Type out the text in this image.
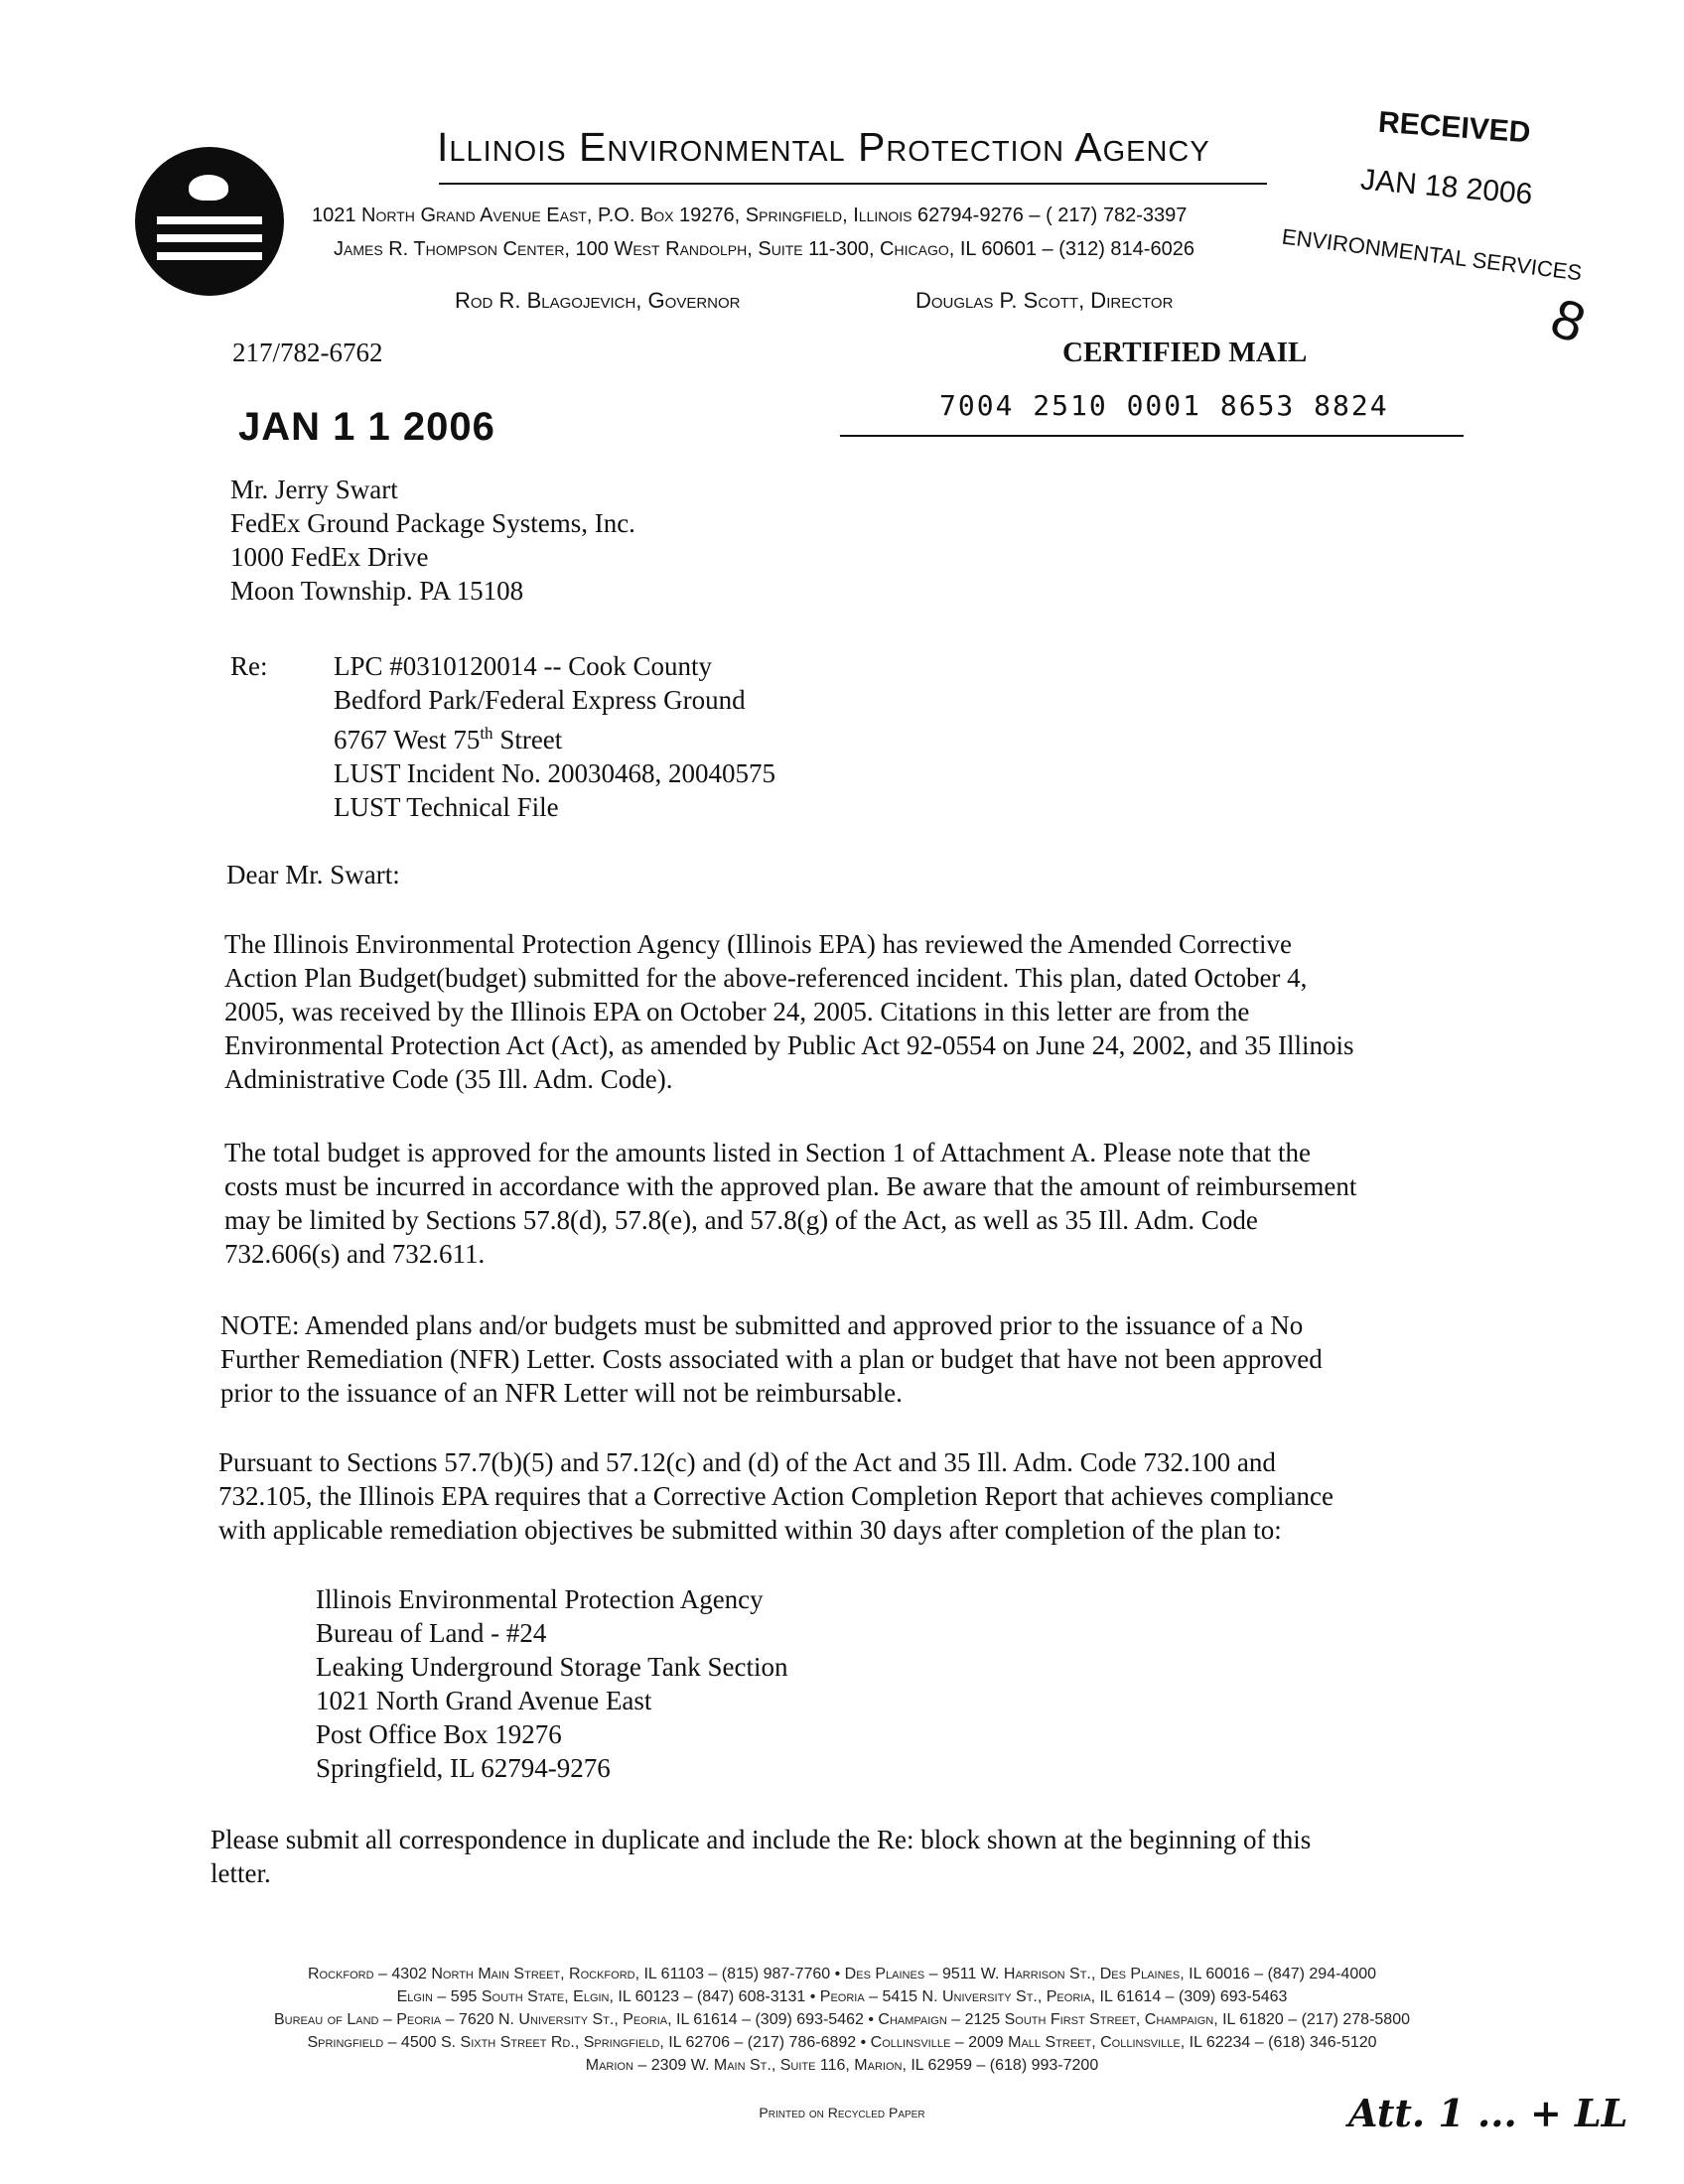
Illinois Environmental Protection Agency
1021 North Grand Avenue East, P.O. Box 19276, Springfield, Illinois 62794-9276 – ( 217) 782-3397
James R. Thompson Center, 100 West Randolph, Suite 11-300, Chicago, IL 60601 – (312) 814-6026
Rod R. Blagojevich, Governor	Douglas P. Scott, Director
RECEIVED
JAN 18 2006
ENVIRONMENTAL SERVICES
8
217/782-6762	CERTIFIED MAIL
7004 2510 0001 8653 8824
JAN 1 1 2006
Mr. Jerry Swart
FedEx Ground Package Systems, Inc.
1000 FedEx Drive
Moon Township. PA 15108
Re: LPC #0310120014 -- Cook County
Bedford Park/Federal Express Ground
6767 West 75th Street
LUST Incident No. 20030468, 20040575
LUST Technical File
Dear Mr. Swart:
The Illinois Environmental Protection Agency (Illinois EPA) has reviewed the Amended Corrective
Action Plan Budget(budget) submitted for the above-referenced incident. This plan, dated October 4,
2005, was received by the Illinois EPA on October 24, 2005. Citations in this letter are from the
Environmental Protection Act (Act), as amended by Public Act 92-0554 on June 24, 2002, and 35 Illinois
Administrative Code (35 Ill. Adm. Code).
The total budget is approved for the amounts listed in Section 1 of Attachment A. Please note that the
costs must be incurred in accordance with the approved plan. Be aware that the amount of reimbursement
may be limited by Sections 57.8(d), 57.8(e), and 57.8(g) of the Act, as well as 35 Ill. Adm. Code
732.606(s) and 732.611.
NOTE: Amended plans and/or budgets must be submitted and approved prior to the issuance of a No
Further Remediation (NFR) Letter. Costs associated with a plan or budget that have not been approved
prior to the issuance of an NFR Letter will not be reimbursable.
Pursuant to Sections 57.7(b)(5) and 57.12(c) and (d) of the Act and 35 Ill. Adm. Code 732.100 and
732.105, the Illinois EPA requires that a Corrective Action Completion Report that achieves compliance
with applicable remediation objectives be submitted within 30 days after completion of the plan to:
Illinois Environmental Protection Agency
Bureau of Land - #24
Leaking Underground Storage Tank Section
1021 North Grand Avenue East
Post Office Box 19276
Springfield, IL 62794-9276
Please submit all correspondence in duplicate and include the Re: block shown at the beginning of this
letter.
Rockford – 4302 North Main Street, Rockford, IL 61103 – (815) 987-7760 • Des Plaines – 9511 W. Harrison St., Des Plaines, IL 60016 – (847) 294-4000
Elgin – 595 South State, Elgin, IL 60123 – (847) 608-3131 • Peoria – 5415 N. University St., Peoria, IL 61614 – (309) 693-5463
Bureau of Land – Peoria – 7620 N. University St., Peoria, IL 61614 – (309) 693-5462 • Champaign – 2125 South First Street, Champaign, IL 61820 – (217) 278-5800
Springfield – 4500 S. Sixth Street Rd., Springfield, IL 62706 – (217) 786-6892 • Collinsville – 2009 Mall Street, Collinsville, IL 62234 – (618) 346-5120
Marion – 2309 W. Main St., Suite 116, Marion, IL 62959 – (618) 993-7200
Printed on Recycled Paper	Att. 1 ... + LL
